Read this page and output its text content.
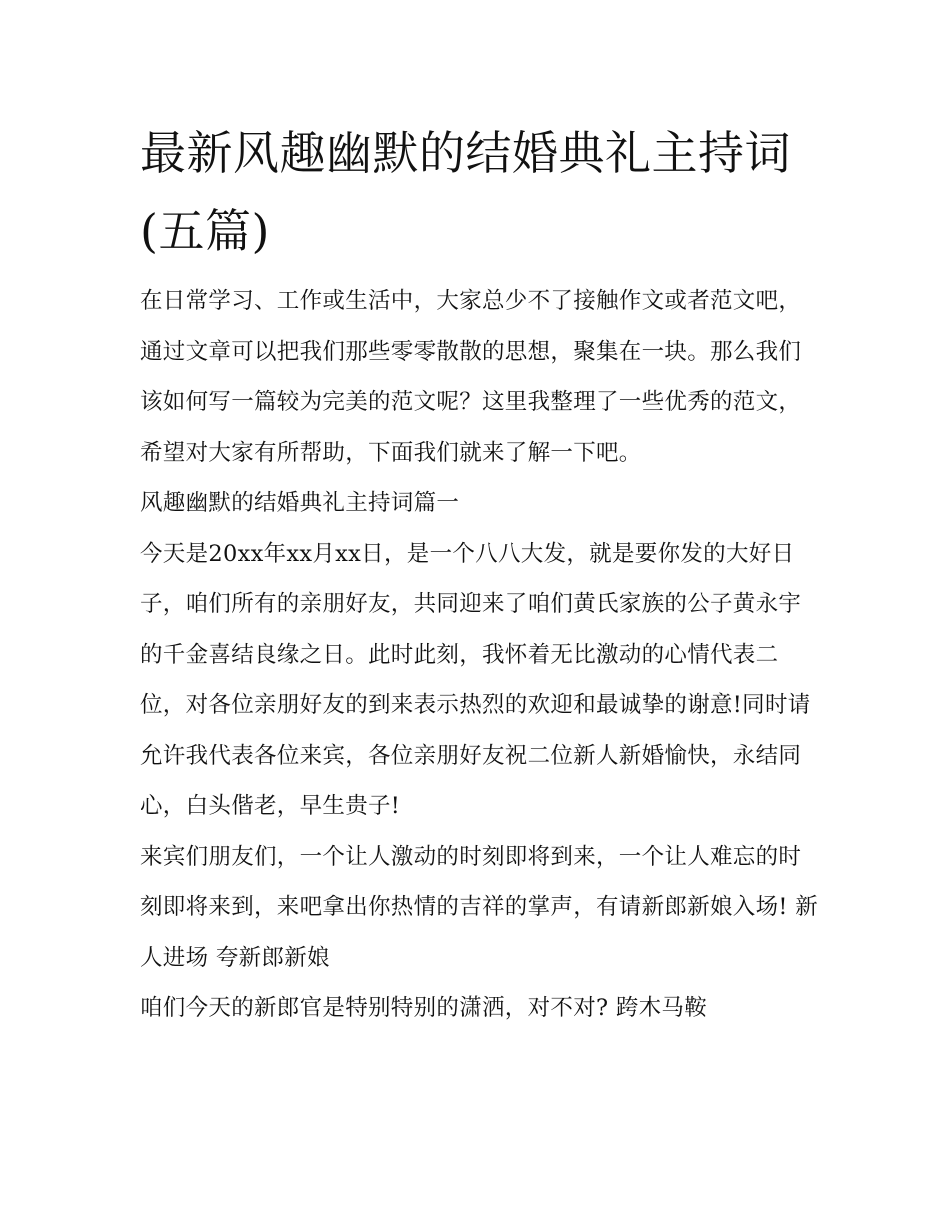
最新风趣幽默的结婚典礼主持词(五篇)

在日常学习、工作或生活中，大家总少不了接触作文或者范文吧，通过文章可以把我们那些零零散散的思想，聚集在一块。那么我们该如何写一篇较为完美的范文呢？这里我整理了一些优秀的范文，希望对大家有所帮助，下面我们就来了解一下吧。

风趣幽默的结婚典礼主持词篇一

今天是20xx年xx月xx日，是一个八八大发，就是要你发的大好日子，咱们所有的亲朋好友，共同迎来了咱们黄氏家族的公子黄永宇的千金喜结良缘之日。此时此刻，我怀着无比激动的心情代表二位，对各位亲朋好友的到来表示热烈的欢迎和最诚挚的谢意!同时请允许我代表各位来宾，各位亲朋好友祝二位新人新婚愉快，永结同心，白头偕老，早生贵子!

来宾们朋友们，一个让人激动的时刻即将到来，一个让人难忘的时刻即将来到，来吧拿出你热情的吉祥的掌声，有请新郎新娘入场! 新人进场 夸新郎新娘

咱们今天的新郎官是特别特别的潇洒，对不对? 跨木马鞍
